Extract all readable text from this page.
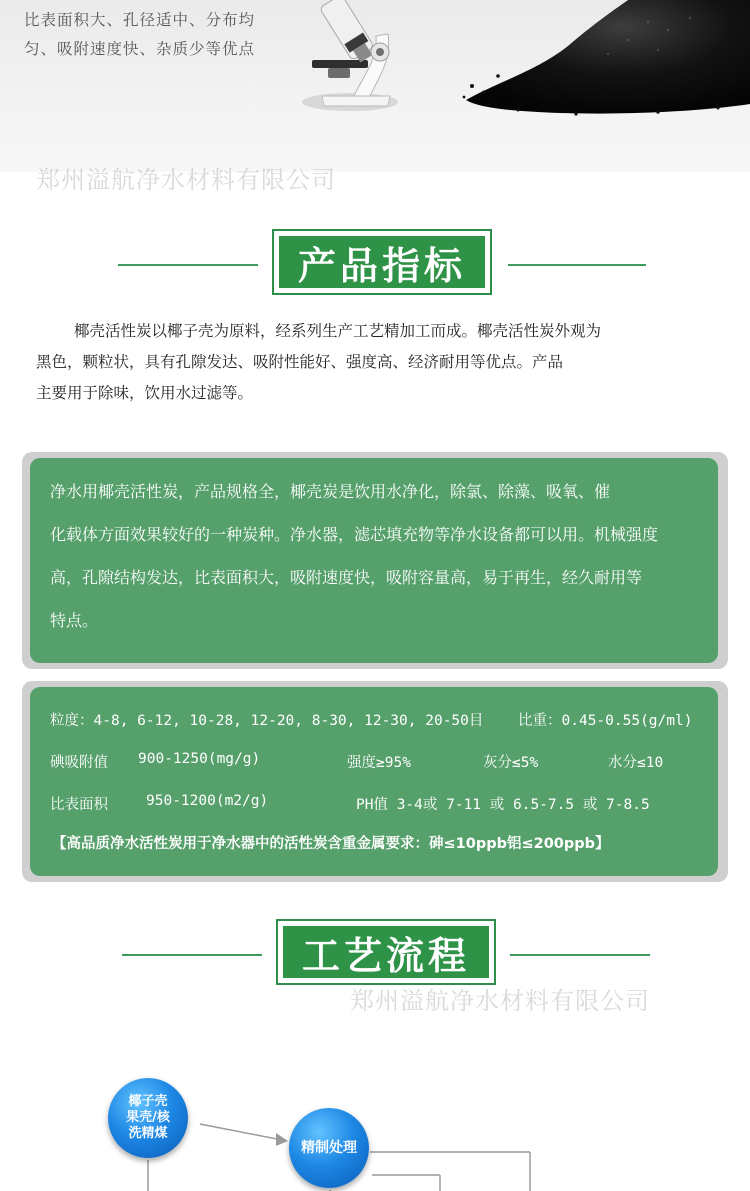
比表面积大、孔径适中、分布均
匀、吸附速度快、杂质少等优点
郑州溢航净水材料有限公司
产品指标

椰壳活性炭以椰子壳为原料，经系列生产工艺精加工而成。椰壳活性炭外观为

黑色，颗粒状，具有孔隙发达、吸附性能好、强度高、经济耐用等优点。产品

主要用于除味，饮用水过滤等。

净水用椰壳活性炭，产品规格全，椰壳炭是饮用水净化，除氯、除藻、吸氧、催
化载体方面效果较好的一种炭种。净水器，滤芯填充物等净水设备都可以用。机械强度
高，孔隙结构发达，比表面积大，吸附速度快，吸附容量高，易于再生，经久耐用等
特点。
粒度：4-8, 6-12, 10-28, 12-20, 8-30, 12-30, 20-50目 比重：0.45-0.55(g/ml)
碘吸附值 900-1250(mg/g)	强度≥95%	灰分≤5%	水分≤10
比表面积	950-1200(m2/g)	PH值 3-4或 7-11 或 6.5-7.5 或 7-8.5
【高品质净水活性炭用于净水器中的活性炭含重金属要求：砷≤10ppb铝≤200ppb】
工艺流程
郑州溢航净水材料有限公司
椰子壳
果壳/核
洗精煤
精制处理
